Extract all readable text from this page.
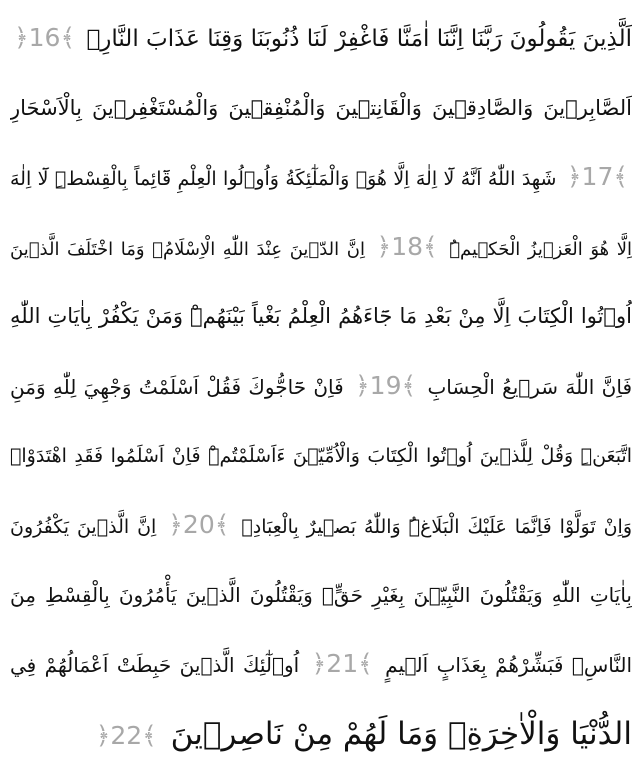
اَلَّذِينَ يَقُولُونَ رَبَّنَا اِنَّنَا اٰمَنَّا فَاغْفِرْ لَنَا ذُنُوبَنَا وَقِنَا عَذَابَ النَّارِۚ ﴿16﴾
اَلصَّابِر۪ينَ وَالصَّادِق۪ينَ وَالْقَانِت۪ينَ وَالْمُنْفِق۪ينَ وَالْمُسْتَغْفِر۪ينَ بِالْاَسْحَارِ
﴿17﴾ شَهِدَ اللّٰهُ اَنَّهُ لَٓا اِلٰهَ اِلَّا هُوَۙ وَالْمَلٰٓئِكَةُ وَاُو۬لُوا الْعِلْمِ قَٓائِماً بِالْقِسْطِۜ لَٓا اِلٰهَ
اِلَّا هُوَ الْعَز۪يزُ الْحَك۪يمُۜ ﴿18﴾ اِنَّ الدّ۪ينَ عِنْدَ اللّٰهِ الْاِسْلَامُ۠ وَمَا اخْتَلَفَ الَّذ۪ينَ
اُو۫تُوا الْكِتَابَ اِلَّا مِنْ بَعْدِ مَا جَٓاءَهُمُ الْعِلْمُ بَغْياً بَيْنَهُمْۜ وَمَنْ يَكْفُرْ بِاٰيَاتِ اللّٰهِ
فَاِنَّ اللّٰهَ سَر۪يعُ الْحِسَابِ ﴿19﴾ فَاِنْ حَٓاجُّوكَ فَقُلْ اَسْلَمْتُ وَجْهِيَ لِلّٰهِ وَمَنِ
اتَّبَعَنِۜ وَقُلْ لِلَّذ۪ينَ اُو۫تُوا الْكِتَابَ وَالْاُمِّيّ۪نَ ءَاَسْلَمْتُمْۜ فَاِنْ اَسْلَمُوا فَقَدِ اهْتَدَوْاۚ
وَاِنْ تَوَلَّوْا فَاِنَّمَا عَلَيْكَ الْبَلَاغُۜ وَاللّٰهُ بَص۪يرٌ بِالْعِبَادِ۟ ﴿20﴾ اِنَّ الَّذ۪ينَ يَكْفُرُونَ
بِاٰيَاتِ اللّٰهِ وَيَقْتُلُونَ النَّبِيّ۪نَ بِغَيْرِ حَقٍّۙ وَيَقْتُلُونَ الَّذ۪ينَ يَأْمُرُونَ بِالْقِسْطِ مِنَ
النَّاسِۙ فَبَشِّرْهُمْ بِعَذَابٍ اَل۪يمٍ ﴿21﴾ اُو۬لٰٓئِكَ الَّذ۪ينَ حَبِطَتْ اَعْمَالُهُمْ فِي
الدُّنْيَا وَالْاٰخِرَةِۘ وَمَا لَهُمْ مِنْ نَاصِر۪ينَ ﴿22﴾
